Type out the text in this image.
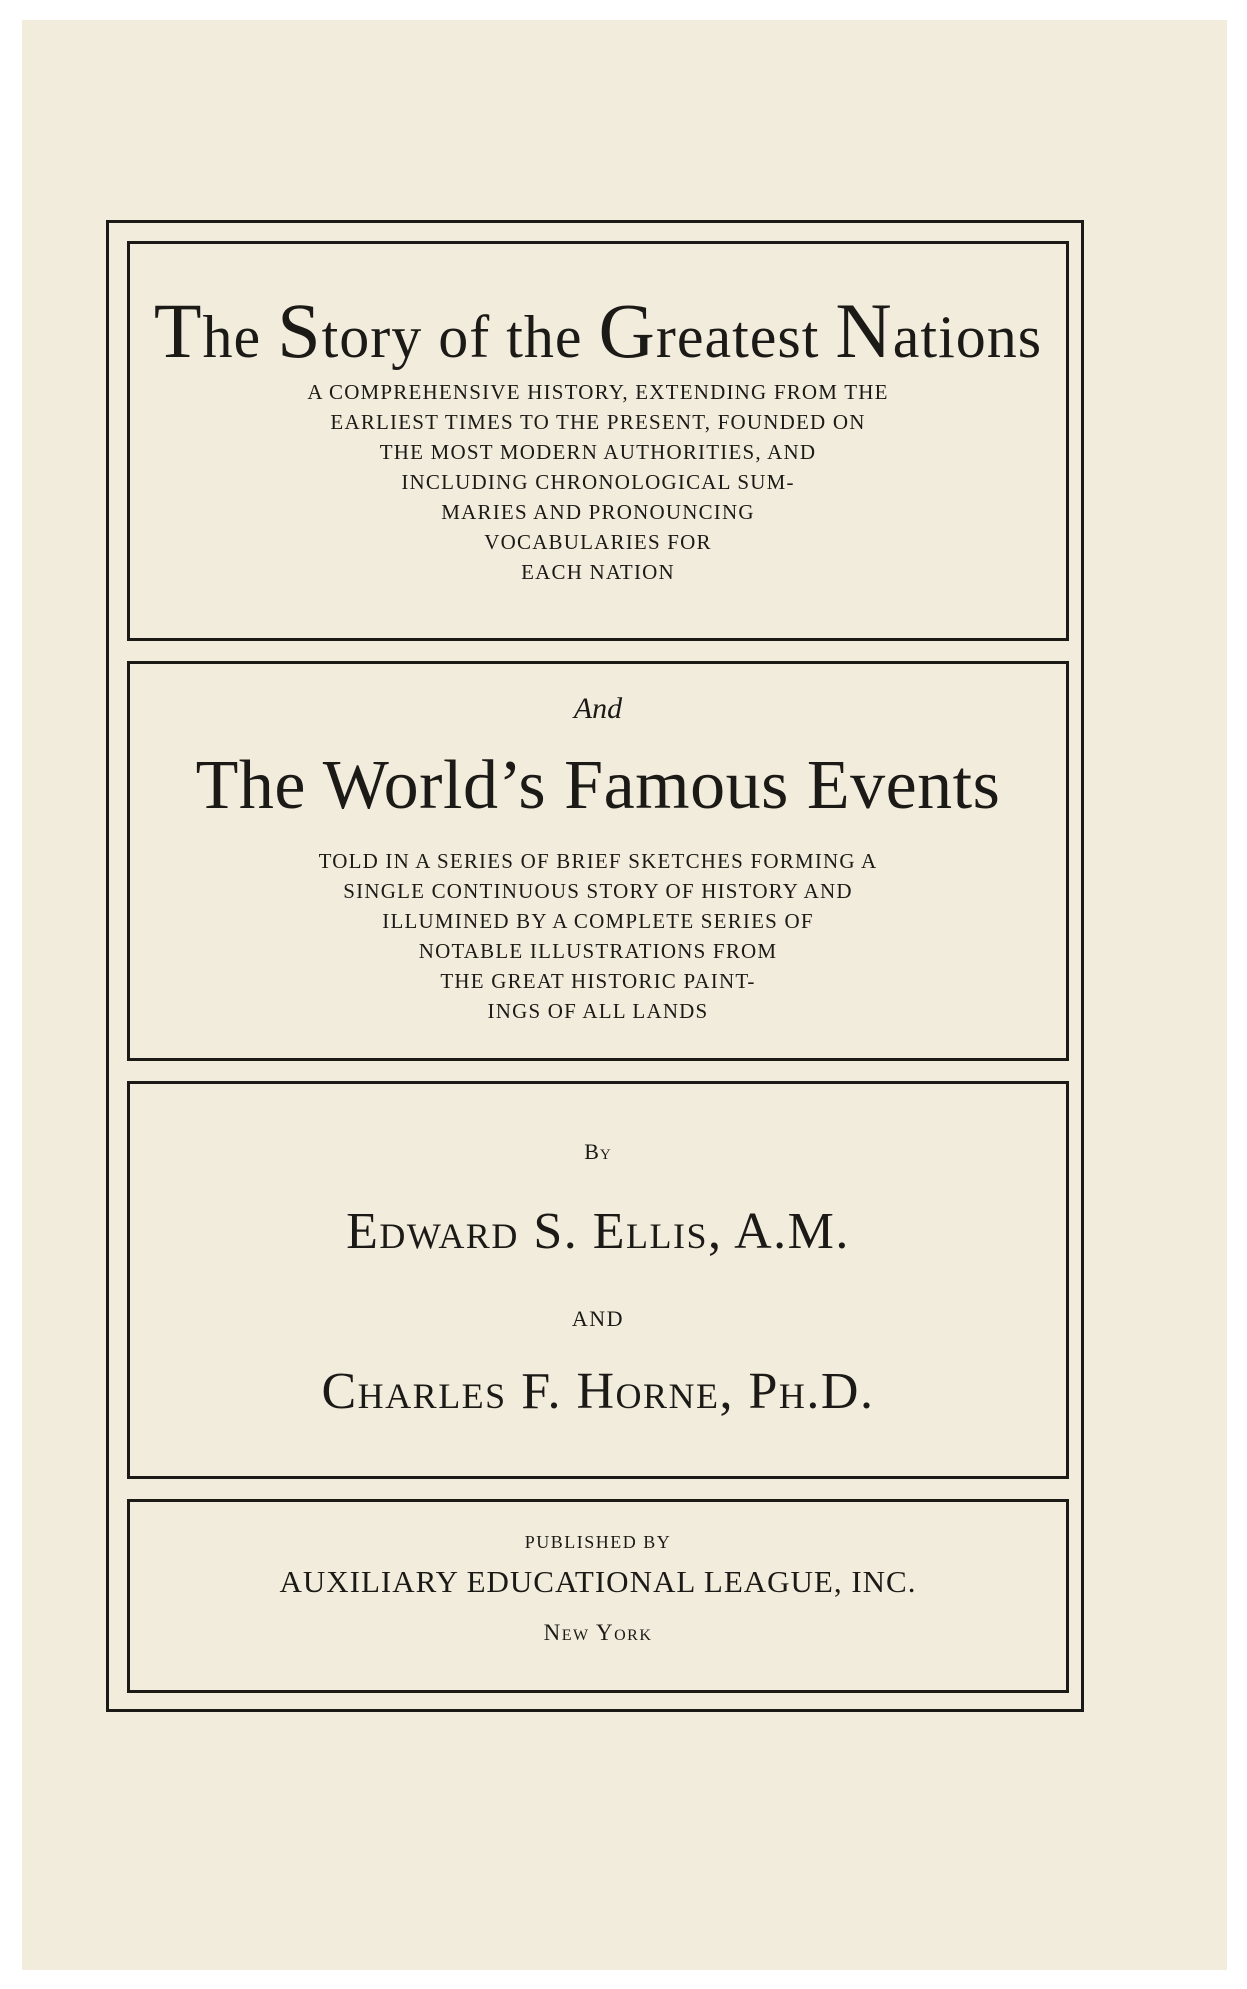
The Story of the Greatest Nations
A COMPREHENSIVE HISTORY, EXTENDING FROM THE
EARLIEST TIMES TO THE PRESENT, FOUNDED ON
THE MOST MODERN AUTHORITIES, AND
INCLUDING CHRONOLOGICAL SUM-
MARIES AND PRONOUNCING
VOCABULARIES FOR
EACH NATION
And
The World’s Famous Events
TOLD IN A SERIES OF BRIEF SKETCHES FORMING A
SINGLE CONTINUOUS STORY OF HISTORY AND
ILLUMINED BY A COMPLETE SERIES OF
NOTABLE ILLUSTRATIONS FROM
THE GREAT HISTORIC PAINT-
INGS OF ALL LANDS
By
Edward S. Ellis, A.M.
AND
Charles F. Horne, Ph.D.
PUBLISHED BY
AUXILIARY EDUCATIONAL LEAGUE, INC.
New York
